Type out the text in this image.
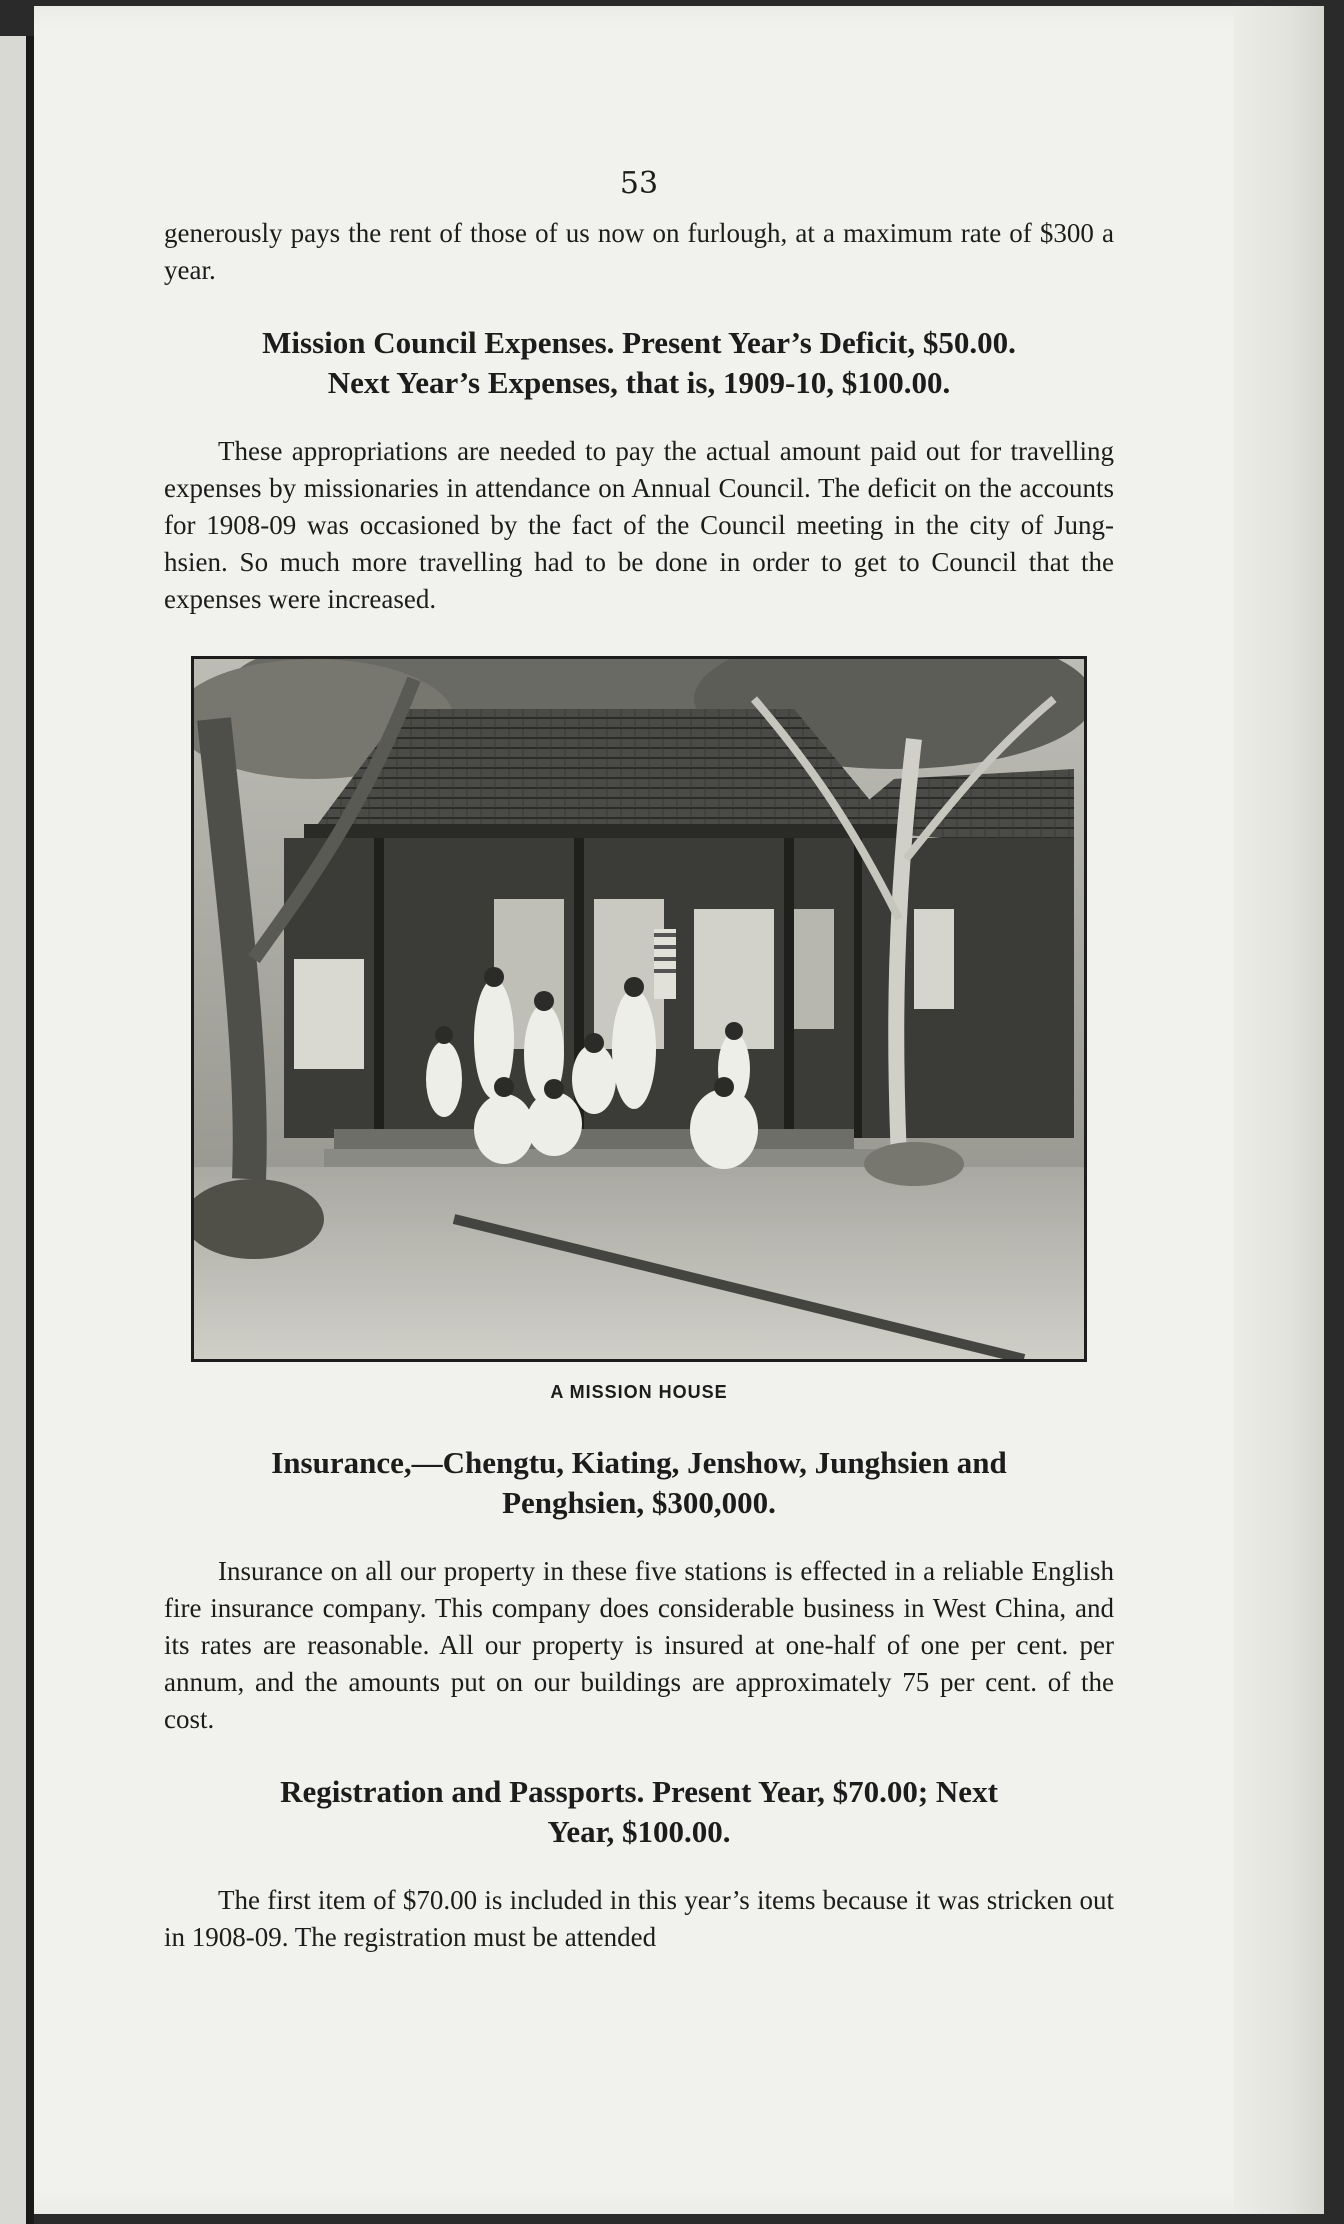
53

generously pays the rent of those of us now on furlough, at a maximum rate of $300 a year.

Mission Council Expenses. Present Year’s Deficit, $50.00.
Next Year’s Expenses, that is, 1909-10, $100.00.

These appropriations are needed to pay the actual amount paid out for travelling expenses by missionaries in attendance on Annual Council. The deficit on the accounts for 1908-09 was occasioned by the fact of the Council meeting in the city of Jung-hsien. So much more travelling had to be done in order to get to Council that the expenses were increased.

A MISSION HOUSE
Insurance,—Chengtu, Kiating, Jenshow, Junghsien and
Penghsien, $300,000.

Insurance on all our property in these five stations is effected in a reliable English fire insurance company. This company does considerable business in West China, and its rates are reasonable. All our property is insured at one-half of one per cent. per annum, and the amounts put on our buildings are approximately 75 per cent. of the cost.

Registration and Passports. Present Year, $70.00; Next
Year, $100.00.

The first item of $70.00 is included in this year’s items because it was stricken out in 1908-09. The registration must be attended
